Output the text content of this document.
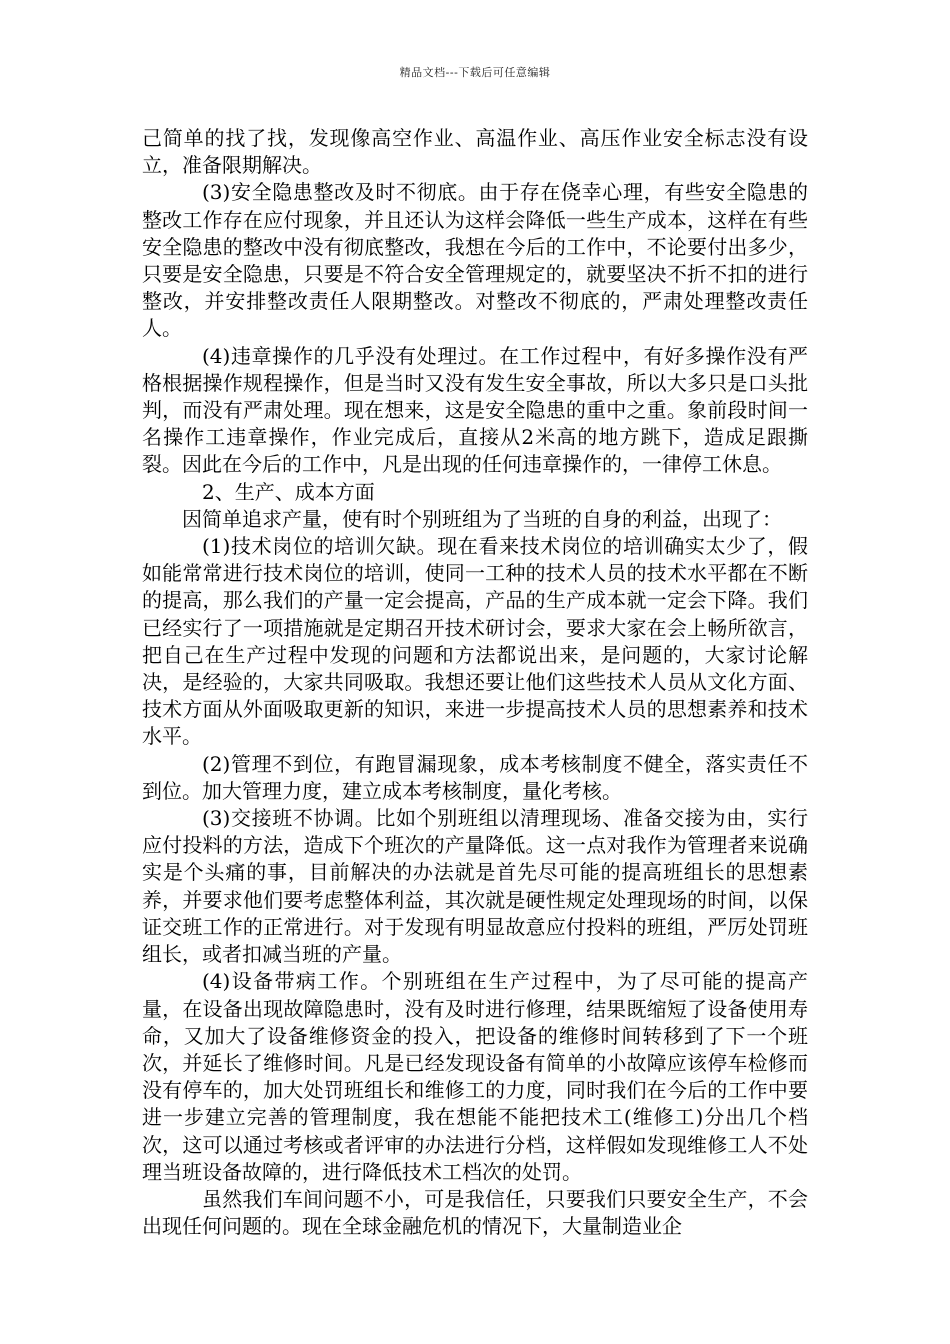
精品文档---下载后可任意编辑

己简单的找了找，发现像高空作业、高温作业、高压作业安全标志没有设立，准备限期解决。

(3)安全隐患整改及时不彻底。由于存在侥幸心理，有些安全隐患的整改工作存在应付现象，并且还认为这样会降低一些生产成本，这样在有些安全隐患的整改中没有彻底整改，我想在今后的工作中，不论要付出多少，只要是安全隐患，只要是不符合安全管理规定的，就要坚决不折不扣的进行整改，并安排整改责任人限期整改。对整改不彻底的，严肃处理整改责任人。

(4)违章操作的几乎没有处理过。在工作过程中，有好多操作没有严格根据操作规程操作，但是当时又没有发生安全事故，所以大多只是口头批判，而没有严肃处理。现在想来，这是安全隐患的重中之重。象前段时间一名操作工违章操作，作业完成后，直接从2米高的地方跳下，造成足跟撕裂。因此在今后的工作中，凡是出现的任何违章操作的，一律停工休息。

2、生产、成本方面

因简单追求产量，使有时个别班组为了当班的自身的利益，出现了：

(1)技术岗位的培训欠缺。现在看来技术岗位的培训确实太少了，假如能常常进行技术岗位的培训，使同一工种的技术人员的技术水平都在不断的提高，那么我们的产量一定会提高，产品的生产成本就一定会下降。我们已经实行了一项措施就是定期召开技术研讨会，要求大家在会上畅所欲言，把自己在生产过程中发现的问题和方法都说出来，是问题的，大家讨论解决，是经验的，大家共同吸取。我想还要让他们这些技术人员从文化方面、技术方面从外面吸取更新的知识，来进一步提高技术人员的思想素养和技术水平。

(2)管理不到位，有跑冒漏现象，成本考核制度不健全，落实责任不到位。加大管理力度，建立成本考核制度，量化考核。

(3)交接班不协调。比如个别班组以清理现场、准备交接为由，实行应付投料的方法，造成下个班次的产量降低。这一点对我作为管理者来说确实是个头痛的事，目前解决的办法就是首先尽可能的提高班组长的思想素养，并要求他们要考虑整体利益，其次就是硬性规定处理现场的时间，以保证交班工作的正常进行。对于发现有明显故意应付投料的班组，严厉处罚班组长，或者扣减当班的产量。

(4)设备带病工作。个别班组在生产过程中，为了尽可能的提高产量，在设备出现故障隐患时，没有及时进行修理，结果既缩短了设备使用寿命，又加大了设备维修资金的投入，把设备的维修时间转移到了下一个班次，并延长了维修时间。凡是已经发现设备有简单的小故障应该停车检修而没有停车的，加大处罚班组长和维修工的力度，同时我们在今后的工作中要进一步建立完善的管理制度，我在想能不能把技术工(维修工)分出几个档次，这可以通过考核或者评审的办法进行分档，这样假如发现维修工人不处理当班设备故障的，进行降低技术工档次的处罚。

虽然我们车间问题不小，可是我信任，只要我们只要安全生产，不会出现任何问题的。现在全球金融危机的情况下，大量制造业企
